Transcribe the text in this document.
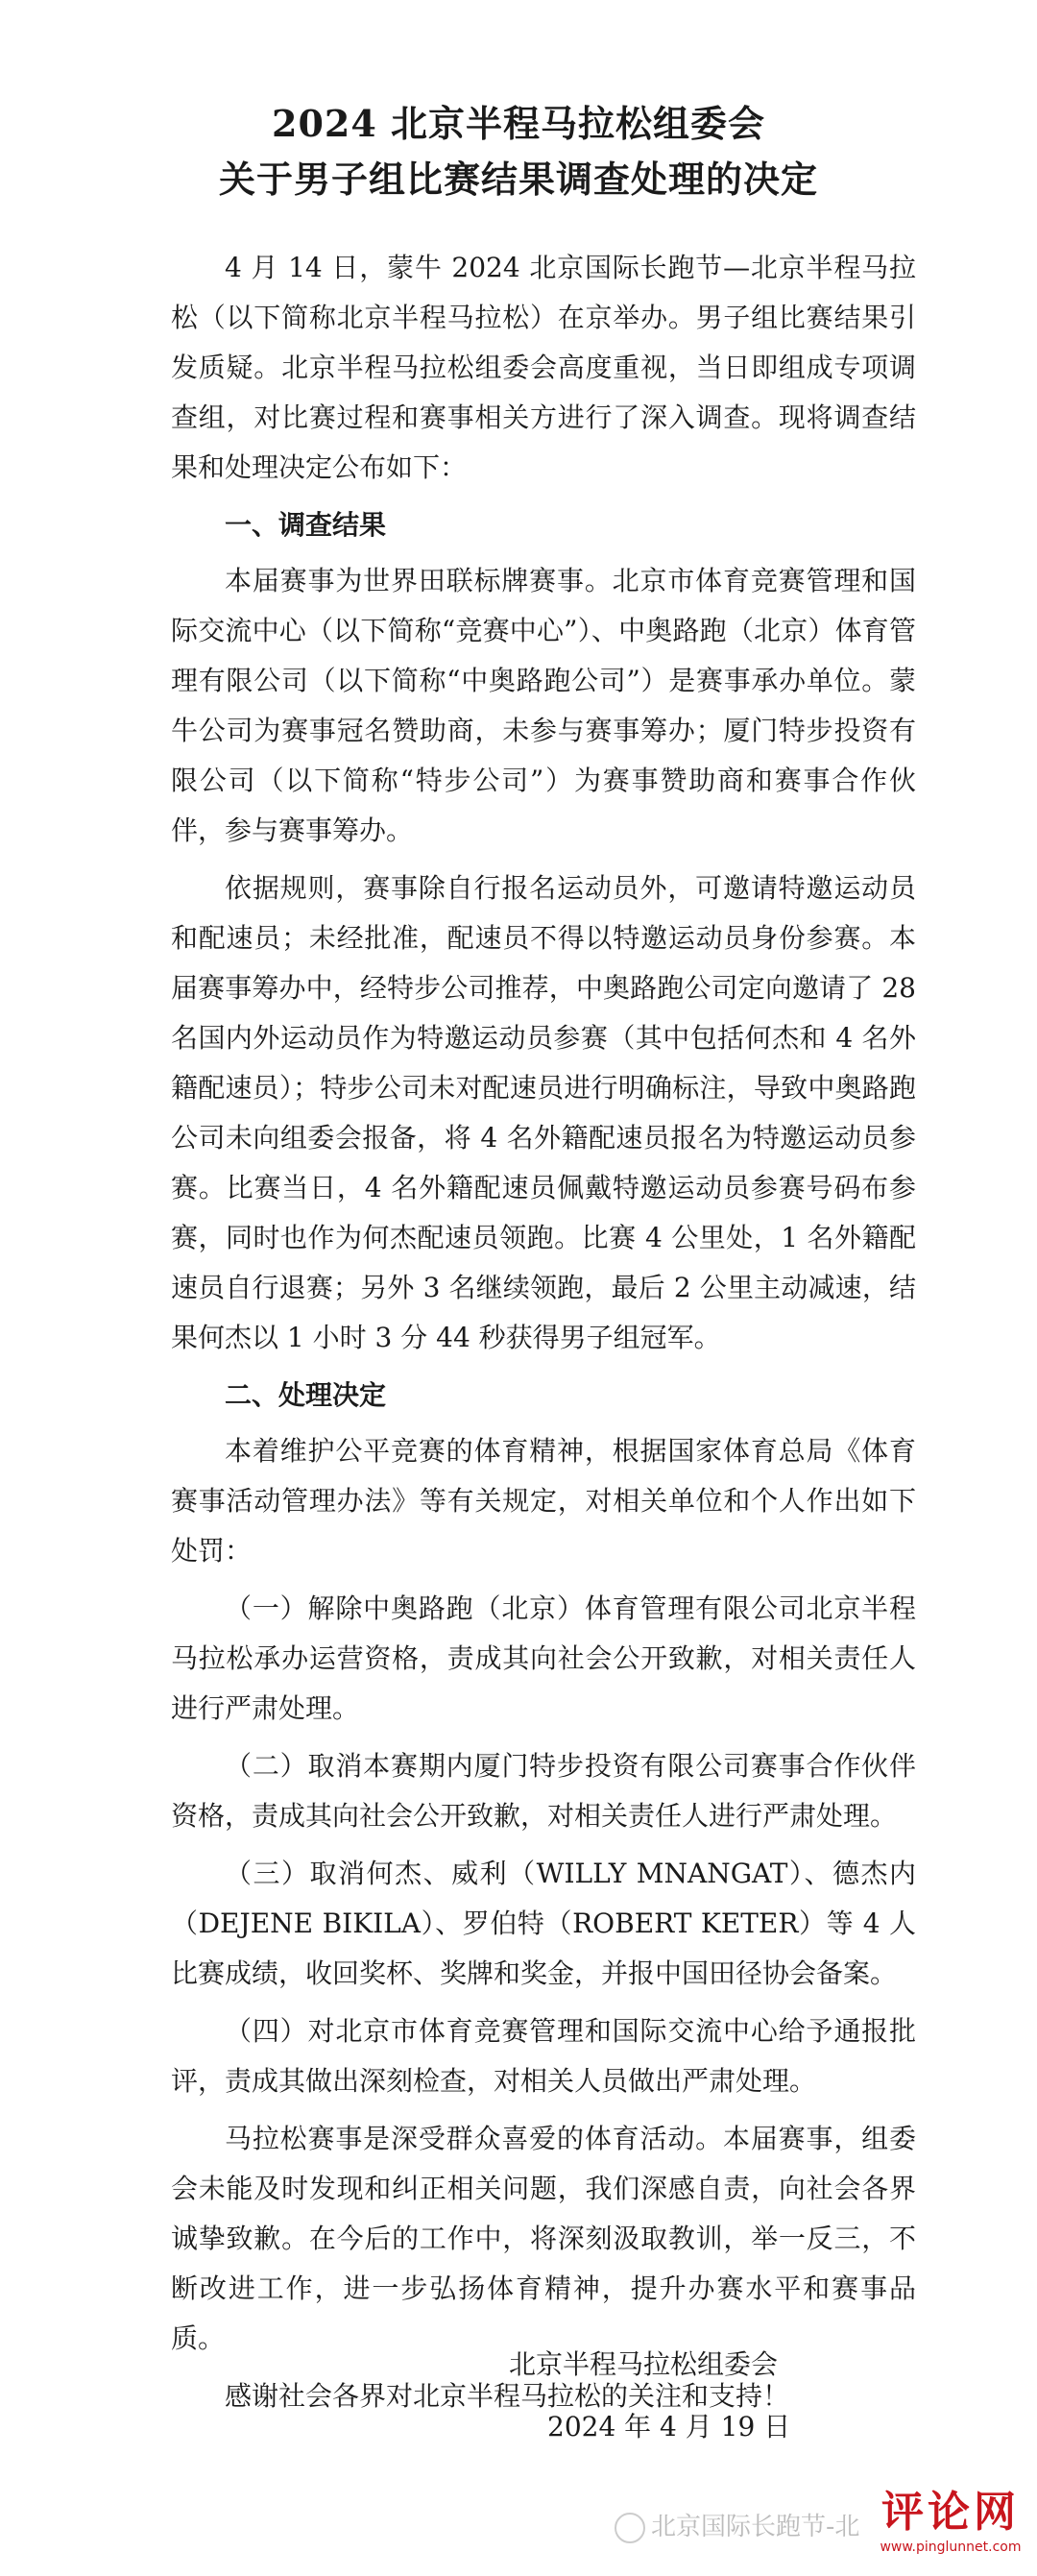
2024 北京半程马拉松组委会

关于男子组比赛结果调查处理的决定

4 月 14 日，蒙牛 2024 北京国际长跑节—北京半程马拉松（以下简称北京半程马拉松）在京举办。男子组比赛结果引发质疑。北京半程马拉松组委会高度重视，当日即组成专项调查组，对比赛过程和赛事相关方进行了深入调查。现将调查结果和处理决定公布如下：

一、调查结果

本届赛事为世界田联标牌赛事。北京市体育竞赛管理和国际交流中心（以下简称“竞赛中心”）、中奥路跑（北京）体育管理有限公司（以下简称“中奥路跑公司”）是赛事承办单位。蒙牛公司为赛事冠名赞助商，未参与赛事筹办；厦门特步投资有限公司（以下简称“特步公司”）为赛事赞助商和赛事合作伙伴，参与赛事筹办。

依据规则，赛事除自行报名运动员外，可邀请特邀运动员和配速员；未经批准，配速员不得以特邀运动员身份参赛。本届赛事筹办中，经特步公司推荐，中奥路跑公司定向邀请了 28 名国内外运动员作为特邀运动员参赛（其中包括何杰和 4 名外籍配速员）；特步公司未对配速员进行明确标注，导致中奥路跑公司未向组委会报备，将 4 名外籍配速员报名为特邀运动员参赛。比赛当日，4 名外籍配速员佩戴特邀运动员参赛号码布参赛，同时也作为何杰配速员领跑。比赛 4 公里处，1 名外籍配速员自行退赛；另外 3 名继续领跑，最后 2 公里主动减速，结果何杰以 1 小时 3 分 44 秒获得男子组冠军。

二、处理决定

本着维护公平竞赛的体育精神，根据国家体育总局《体育赛事活动管理办法》等有关规定，对相关单位和个人作出如下处罚：

（一）解除中奥路跑（北京）体育管理有限公司北京半程马拉松承办运营资格，责成其向社会公开致歉，对相关责任人进行严肃处理。

（二）取消本赛期内厦门特步投资有限公司赛事合作伙伴资格，责成其向社会公开致歉，对相关责任人进行严肃处理。

（三）取消何杰、威利（WILLY MNANGAT）、德杰内（DEJENE BIKILA）、罗伯特（ROBERT KETER）等 4 人比赛成绩，收回奖杯、奖牌和奖金，并报中国田径协会备案。

（四）对北京市体育竞赛管理和国际交流中心给予通报批评，责成其做出深刻检查，对相关人员做出严肃处理。

马拉松赛事是深受群众喜爱的体育活动。本届赛事，组委会未能及时发现和纠正相关问题，我们深感自责，向社会各界诚挚致歉。在今后的工作中，将深刻汲取教训，举一反三，不断改进工作，进一步弘扬体育精神，提升办赛水平和赛事品质。

感谢社会各界对北京半程马拉松的关注和支持！

北京半程马拉松组委会
2024 年 4 月 19 日
北京国际长跑节-北 评论网
www.pinglunnet.com
